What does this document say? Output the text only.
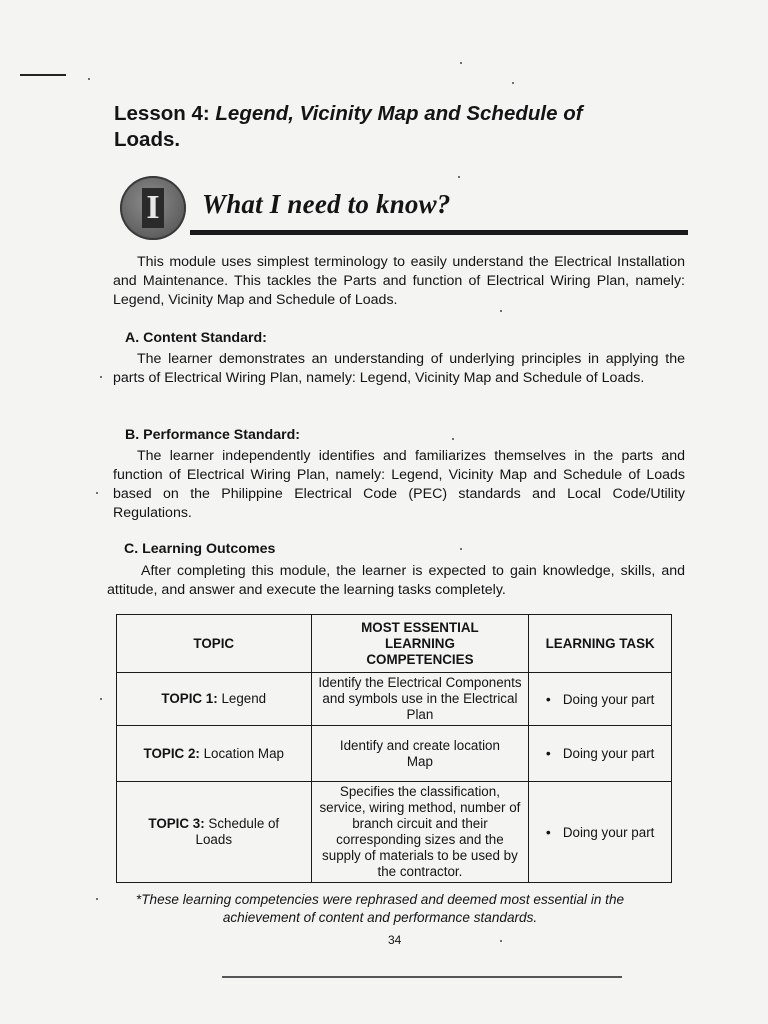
Lesson 4: Legend, Vicinity Map and Schedule of
Loads.
I What I need to know?
This module uses simplest terminology to easily understand the Electrical Installation and Maintenance. This tackles the Parts and function of Electrical Wiring Plan, namely: Legend, Vicinity Map and Schedule of Loads.
A. Content Standard:
The learner demonstrates an understanding of underlying principles in applying the parts of Electrical Wiring Plan, namely: Legend, Vicinity Map and Schedule of Loads.
B. Performance Standard:
The learner independently identifies and familiarizes themselves in the parts and function of Electrical Wiring Plan, namely: Legend, Vicinity Map and Schedule of Loads based on the Philippine Electrical Code (PEC) standards and Local Code/Utility Regulations.
C. Learning Outcomes
After completing this module, the learner is expected to gain knowledge, skills, and attitude, and answer and execute the learning tasks completely.
TOPIC	MOST ESSENTIAL LEARNING COMPETENCIES	LEARNING TASK
TOPIC 1: Legend	Identify the Electrical Components and symbols use in the Electrical Plan	• Doing your part
TOPIC 2: Location Map	Identify and create location Map	• Doing your part
TOPIC 3: Schedule of Loads	Specifies the classification, service, wiring method, number of branch circuit and their corresponding sizes and the supply of materials to be used by the contractor.	• Doing your part
*These learning competencies were rephrased and deemed most essential in the achievement of content and performance standards.
34
